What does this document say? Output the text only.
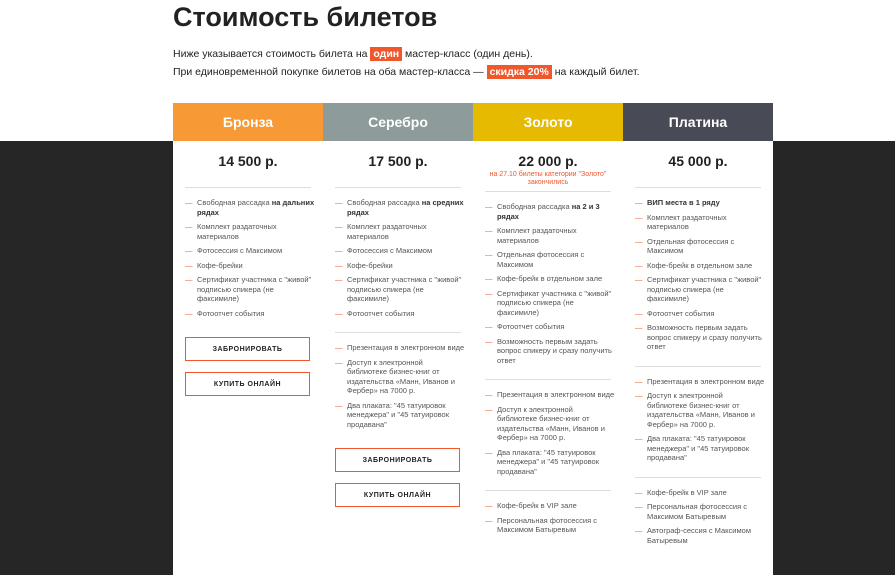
Стоимость билетов
Ниже указывается стоимость билета на один мастер-класс (один день).
При единовременной покупке билетов на оба мастер-класса — скидка 20% на каждый билет.
Бронза
14 500 р.
— Свободная рассадка на дальних рядах
— Комплект раздаточных материалов
— Фотосессия с Максимом
— Кофе-брейки
— Сертификат участника с "живой" подписью спикера (не факсимиле)
— Фотоотчет события
ЗАБРОНИРОВАТЬ
КУПИТЬ ОНЛАЙН
Серебро
17 500 р.
— Свободная рассадка на средних рядах
— Комплект раздаточных материалов
— Фотосессия с Максимом
— Кофе-брейки
— Сертификат участника с "живой" подписью спикера (не факсимиле)
— Фотоотчет события
— Презентация в электронном виде
— Доступ к электронной библиотеке бизнес-книг от издательства «Манн, Иванов и Фербер» на 7000 р.
— Два плаката: "45 татуировок менеджера" и "45 татуировок продавана"
ЗАБРОНИРОВАТЬ
КУПИТЬ ОНЛАЙН
Золото
22 000 р.
на 27.10 билеты категории "Золото" закончились
— Свободная рассадка на 2 и 3 рядах
— Комплект раздаточных материалов
— Отдельная фотосессия с Максимом
— Кофе-брейк в отдельном зале
— Сертификат участника с "живой" подписью спикера (не факсимиле)
— Фотоотчет события
— Возможность первым задать вопрос спикеру и сразу получить ответ
— Презентация в электронном виде
— Доступ к электронной библиотеке бизнес-книг от издательства «Манн, Иванов и Фербер» на 7000 р.
— Два плаката: "45 татуировок менеджера" и "45 татуировок продавана"
— Кофе-брейк в VIP зале
— Персональная фотосессия с Максимом Батыревым
Платина
45 000 р.
— ВИП места в 1 ряду
— Комплект раздаточных материалов
— Отдельная фотосессия с Максимом
— Кофе-брейк в отдельном зале
— Сертификат участника с "живой" подписью спикера (не факсимиле)
— Фотоотчет события
— Возможность первым задать вопрос спикеру и сразу получить ответ
— Презентация в электронном виде
— Доступ к электронной библиотеке бизнес-книг от издательства «Манн, Иванов и Фербер» на 7000 р.
— Два плаката: "45 татуировок менеджера" и "45 татуировок продавана"
— Кофе-брейк в VIP зале
— Персональная фотосессия с Максимом Батыревым
— Автограф-сессия с Максимом Батыревым
